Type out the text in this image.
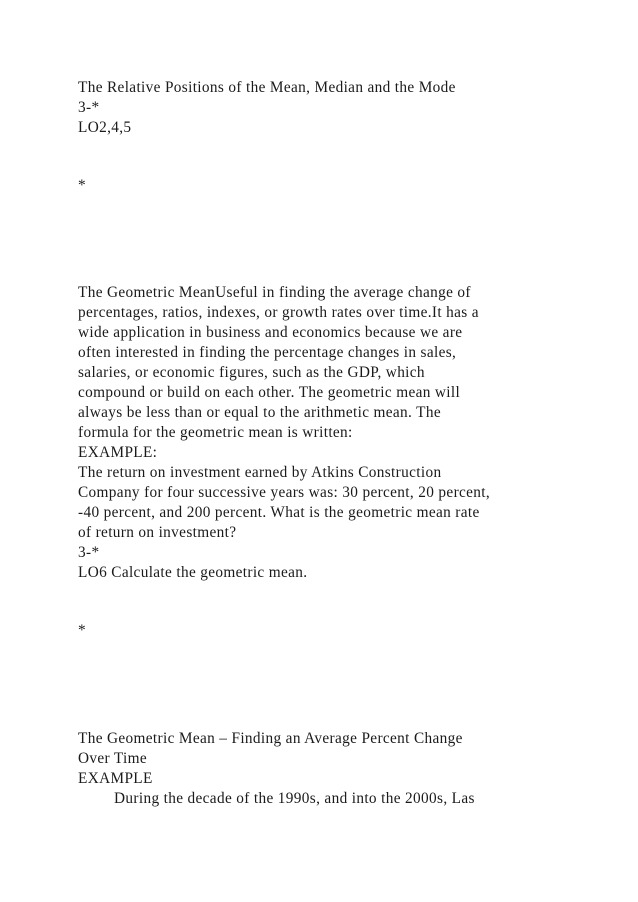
The Relative Positions of the Mean, Median and the Mode
3-*
LO2,4,5
*
The Geometric MeanUseful in finding the average change of
percentages, ratios, indexes, or growth rates over time.It has a
wide application in business and economics because we are
often interested in finding the percentage changes in sales,
salaries, or economic figures, such as the GDP, which
compound or build on each other. The geometric mean will
always be less than or equal to the arithmetic mean. The
formula for the geometric mean is written:
EXAMPLE:
The return on investment earned by Atkins Construction
Company for four successive years was: 30 percent, 20 percent,
-40 percent, and 200 percent. What is the geometric mean rate
of return on investment?
3-*
LO6 Calculate the geometric mean.
*
The Geometric Mean – Finding an Average Percent Change
Over Time
EXAMPLE
During the decade of the 1990s, and into the 2000s, Las
